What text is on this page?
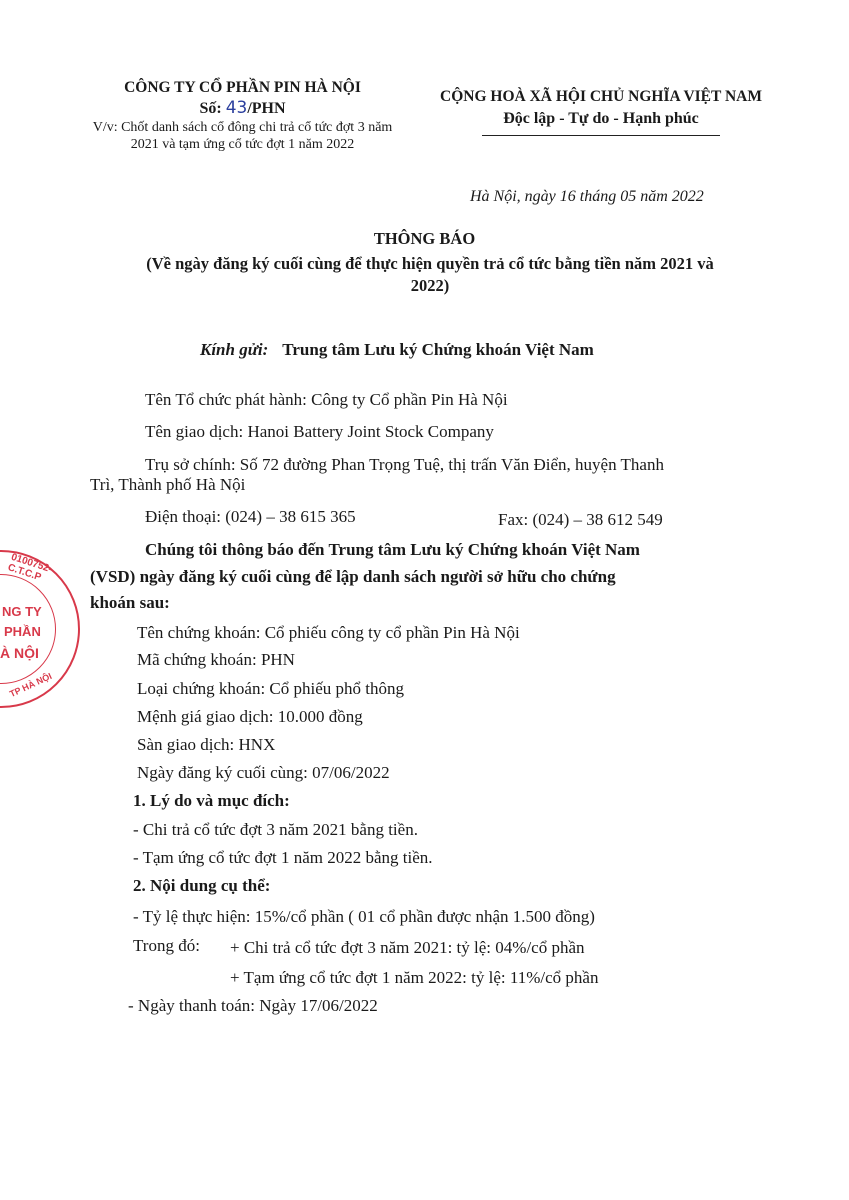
CÔNG TY CỔ PHẦN PIN HÀ NỘI
Số: 43/PHN
V/v: Chốt danh sách cổ đông chi trả cổ tức đợt 3 năm 2021 và tạm ứng cổ tức đợt 1 năm 2022
CỘNG HOÀ XÃ HỘI CHỦ NGHĨA VIỆT NAM
Độc lập - Tự do - Hạnh phúc
Hà Nội, ngày 16 tháng 05 năm 2022
THÔNG BÁO
(Về ngày đăng ký cuối cùng để thực hiện quyền trả cổ tức bằng tiền năm 2021 và 2022)
Kính gửi: Trung tâm Lưu ký Chứng khoán Việt Nam
Tên Tổ chức phát hành: Công ty Cổ phần Pin Hà Nội
Tên giao dịch: Hanoi Battery Joint Stock Company
Trụ sở chính: Số 72 đường Phan Trọng Tuệ, thị trấn Văn Điển, huyện Thanh
Trì, Thành phố Hà Nội
Điện thoại: (024) – 38 615 365	Fax: (024) – 38 612 549
Chúng tôi thông báo đến Trung tâm Lưu ký Chứng khoán Việt Nam
(VSD) ngày đăng ký cuối cùng để lập danh sách người sở hữu cho chứng
khoán sau:
Tên chứng khoán: Cổ phiếu công ty cổ phần Pin Hà Nội
Mã chứng khoán: PHN
Loại chứng khoán: Cổ phiếu phổ thông
Mệnh giá giao dịch: 10.000 đồng
Sàn giao dịch: HNX
Ngày đăng ký cuối cùng: 07/06/2022
1. Lý do và mục đích:
- Chi trả cổ tức đợt 3 năm 2021 bằng tiền.
- Tạm ứng cổ tức đợt 1 năm 2022 bằng tiền.
2. Nội dung cụ thể:
- Tỷ lệ thực hiện: 15%/cổ phần ( 01 cổ phần được nhận 1.500 đồng)
Trong đó: + Chi trả cổ tức đợt 3 năm 2021: tỷ lệ: 04%/cổ phần
+ Tạm ứng cổ tức đợt 1 năm 2022: tỷ lệ: 11%/cổ phần
- Ngày thanh toán: Ngày 17/06/2022
0100752-C.T.C.P
NG TY
PHẦN
À NỘI
TP HÀ NỘI
